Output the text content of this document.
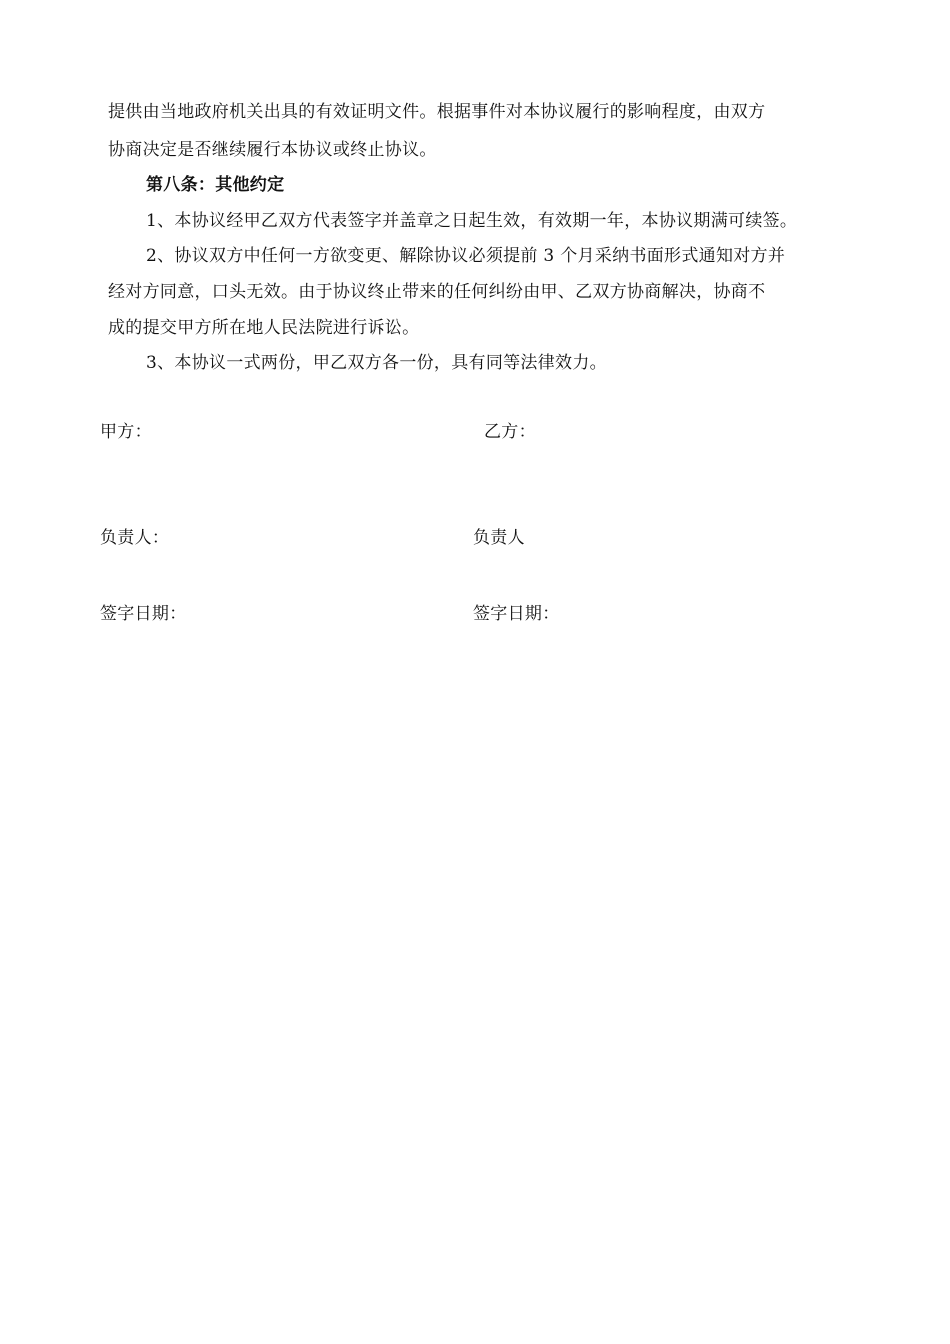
提供由当地政府机关出具的有效证明文件。根据事件对本协议履行的影响程度，由双方
协商决定是否继续履行本协议或终止协议。
第八条：其他约定
1、本协议经甲乙双方代表签字并盖章之日起生效，有效期一年，本协议期满可续签。
2、协议双方中任何一方欲变更、解除协议必须提前 3 个月采纳书面形式通知对方并
经对方同意，口头无效。由于协议终止带来的任何纠纷由甲、乙双方协商解决，协商不
成的提交甲方所在地人民法院进行诉讼。
3、本协议一式两份，甲乙双方各一份，具有同等法律效力。
甲方：	乙方：
负责人：	负责人
签字日期：	签字日期：
